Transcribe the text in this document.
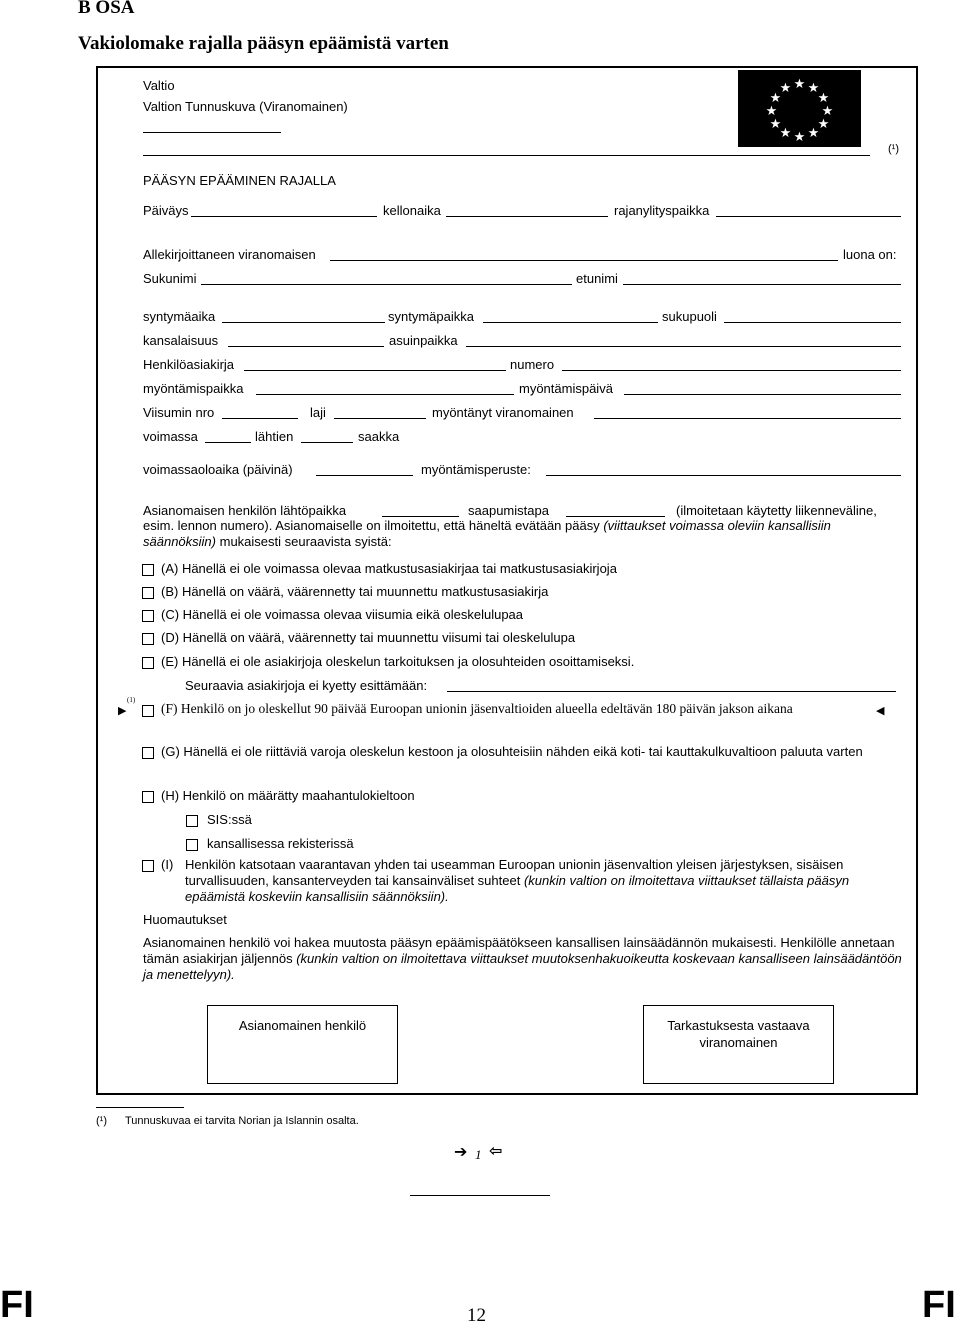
B OSA
Vakiolomake rajalla pääsyn epäämistä varten
★ ★
★
★
★
★
★
★
★
★
★
★
Valtio
Valtion Tunnuskuva (Viranomainen)
(¹)
PÄÄSYN EPÄÄMINEN RAJALLA
Päiväys	kellonaika	rajanylityspaikka
Allekirjoittaneen viranomaisen	luona on:
Sukunimi	etunimi
syntymäaika	syntymäpaikka	sukupuoli
kansalaisuus	asuinpaikka
Henkilöasiakirja	numero
myöntämispaikka	myöntämispäivä
Viisumin nro	laji	myöntänyt viranomainen
voimassa	lähtien	saakka
voimassaoloaika (päivinä)	myöntämisperuste:
Asianomaisen henkilön lähtöpaikka	saapumistapa	(ilmoitetaan käytetty liikenneväline,
esim. lennon numero). Asianomaiselle on ilmoitettu, että häneltä evätään pääsy (viittaukset voimassa oleviin kansallisiin säännöksiin) mukaisesti seuraavista syistä:
(A) Hänellä ei ole voimassa olevaa matkustusasiakirjaa tai matkustusasiakirjoja
(B) Hänellä on väärä, väärennetty tai muunnettu matkustusasiakirja
(C) Hänellä ei ole voimassa olevaa viisumia eikä oleskelulupaa
(D) Hänellä on väärä, väärennetty tai muunnettu viisumi tai oleskelulupa
(E) Hänellä ei ole asiakirjoja oleskelun tarkoituksen ja olosuhteiden osoittamiseksi.
Seuraavia asiakirjoja ei kyetty esittämään:
(1)
▶	(F) Henkilö on jo oleskellut 90 päivää Euroopan unionin jäsenvaltioiden alueella edeltävän 180 päivän jakson aikana	◀
(G) Hänellä ei ole riittäviä varoja oleskelun kestoon ja olosuhteisiin nähden eikä koti- tai kauttakulkuvaltioon paluuta varten
(H) Henkilö on määrätty maahantulokieltoon
SIS:ssä
kansallisessa rekisterissä
(I) Henkilön katsotaan vaarantavan yhden tai useamman Euroopan unionin jäsenvaltion yleisen järjestyksen, sisäisen turvallisuuden, kansanterveyden tai kansainväliset suhteet (kunkin valtion on ilmoitettava viittaukset tällaista pääsyn epäämistä koskeviin kansallisiin säännöksiin).
Huomautukset
Asianomainen henkilö voi hakea muutosta pääsyn epäämispäätökseen kansallisen lainsäädännön mukaisesti. Henkilölle annetaan tämän asiakirjan jäljennös (kunkin valtion on ilmoitettava viittaukset muutoksenhakuoikeutta koskevaan kansalliseen lainsäädäntöön ja menettelyyn).
Asianomainen henkilö	Tarkastuksesta vastaava
viranomainen
(¹) Tunnuskuvaa ei tarvita Norian ja Islannin osalta.
➔ 1 ⇦
FI	12	FI
